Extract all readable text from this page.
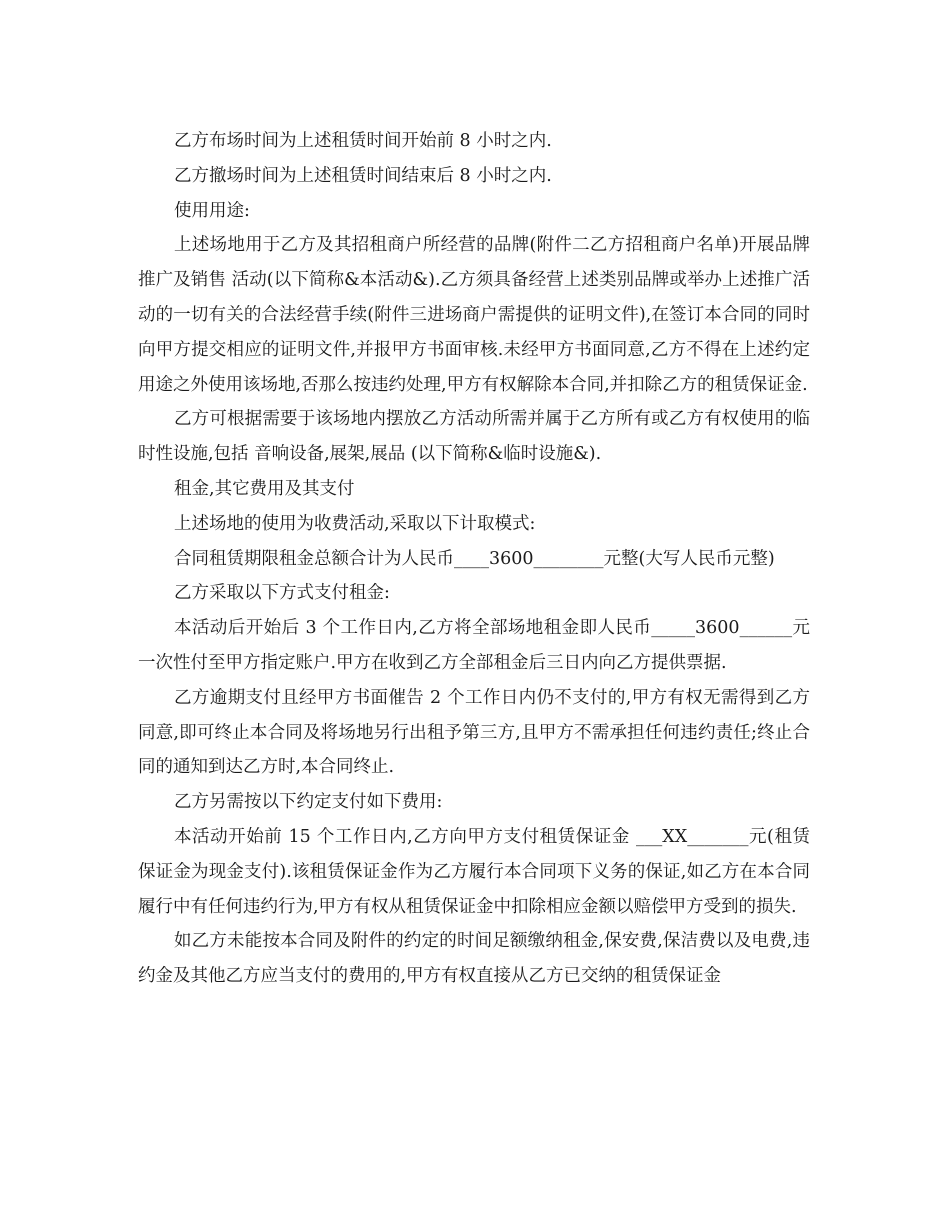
乙方布场时间为上述租赁时间开始前 8 小时之内.

乙方撤场时间为上述租赁时间结束后 8 小时之内.

使用用途:

上述场地用于乙方及其招租商户所经营的品牌(附件二乙方招租商户名单)开展品牌推广及销售 活动(以下简称&本活动&).乙方须具备经营上述类别品牌或举办上述推广活动的一切有关的合法经营手续(附件三进场商户需提供的证明文件),在签订本合同的同时向甲方提交相应的证明文件,并报甲方书面审核.未经甲方书面同意,乙方不得在上述约定用途之外使用该场地,否那么按违约处理,甲方有权解除本合同,并扣除乙方的租赁保证金.

乙方可根据需要于该场地内摆放乙方活动所需并属于乙方所有或乙方有权使用的临时性设施,包括 音响设备,展架,展品 (以下简称&临时设施&).

租金,其它费用及其支付

上述场地的使用为收费活动,采取以下计取模式:

合同租赁期限租金总额合计为人民币____3600________元整(大写人民币元整)

乙方采取以下方式支付租金:

本活动后开始后 3 个工作日内,乙方将全部场地租金即人民币_____3600______元一次性付至甲方指定账户.甲方在收到乙方全部租金后三日内向乙方提供票据.

乙方逾期支付且经甲方书面催告 2 个工作日内仍不支付的,甲方有权无需得到乙方同意,即可终止本合同及将场地另行出租予第三方,且甲方不需承担任何违约责任;终止合同的通知到达乙方时,本合同终止.

乙方另需按以下约定支付如下费用:

本活动开始前 15 个工作日内,乙方向甲方支付租赁保证金 ___XX_______元(租赁保证金为现金支付).该租赁保证金作为乙方履行本合同项下义务的保证,如乙方在本合同履行中有任何违约行为,甲方有权从租赁保证金中扣除相应金额以赔偿甲方受到的损失.

如乙方未能按本合同及附件的约定的时间足额缴纳租金,保安费,保洁费以及电费,违约金及其他乙方应当支付的费用的,甲方有权直接从乙方已交纳的租赁保证金
